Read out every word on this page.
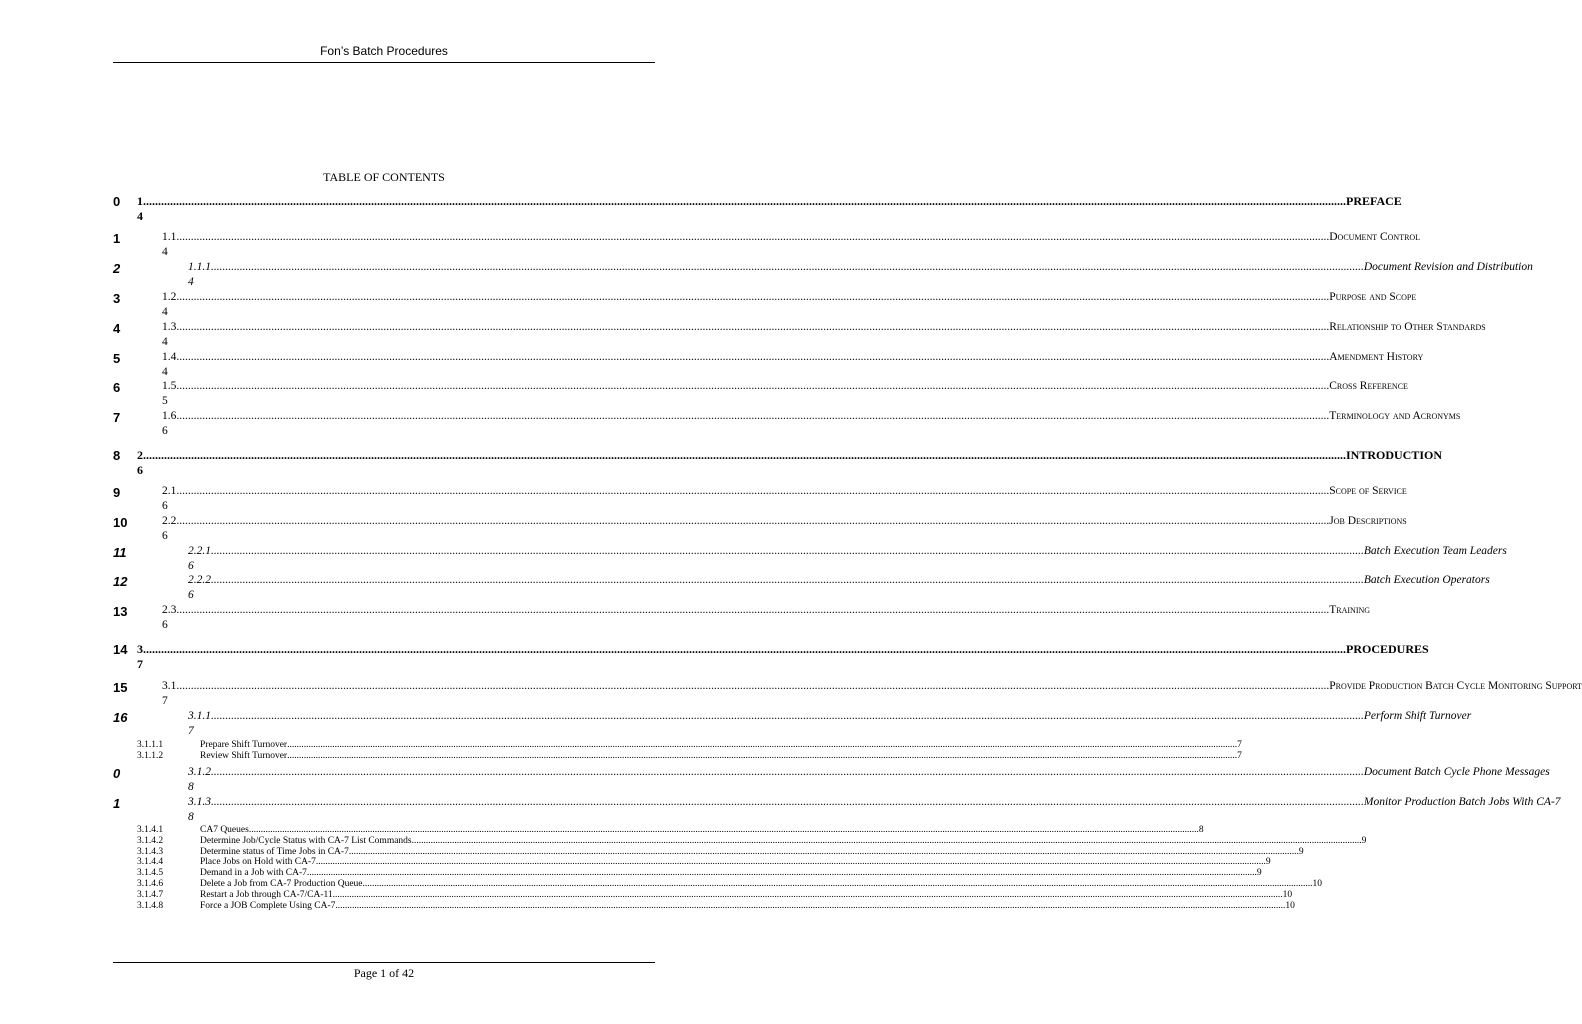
Fon’s Batch Procedures
TABLE OF CONTENTS
0	1. ................................................................................................................................................................................................................................................................................................................................................................................................................ PREFACE
4
1	1.1. ................................................................................................................................................................................................................................................................................................................................................................................................................ Document Control
4
2	1.1.1. ................................................................................................................................................................................................................................................................................................................................................................................................................ Document Revision and Distribution
4
3	1.2. ................................................................................................................................................................................................................................................................................................................................................................................................................ Purpose and Scope
4
4	1.3. ................................................................................................................................................................................................................................................................................................................................................................................................................ Relationship to Other Standards
4
5	1.4. ................................................................................................................................................................................................................................................................................................................................................................................................................ Amendment History
4
6	1.5. ................................................................................................................................................................................................................................................................................................................................................................................................................ Cross Reference
5
7	1.6. ................................................................................................................................................................................................................................................................................................................................................................................................................ Terminology and Acronyms
6
8	2. ................................................................................................................................................................................................................................................................................................................................................................................................................ INTRODUCTION
6
9	2.1. ................................................................................................................................................................................................................................................................................................................................................................................................................ Scope of Service
6
10	2.2. ................................................................................................................................................................................................................................................................................................................................................................................................................ Job Descriptions
6
11	2.2.1. ................................................................................................................................................................................................................................................................................................................................................................................................................ Batch Execution Team Leaders
6
12	2.2.2. ................................................................................................................................................................................................................................................................................................................................................................................................................ Batch Execution Operators
6
13	2.3. ................................................................................................................................................................................................................................................................................................................................................................................................................ Training
6
14 3. ................................................................................................................................................................................................................................................................................................................................................................................................................ PROCEDURES
7
15	3.1. ................................................................................................................................................................................................................................................................................................................................................................................................................ Provide Production Batch Cycle Monitoring Support
7
16	3.1.1. ................................................................................................................................................................................................................................................................................................................................................................................................................ Perform Shift Turnover
7
0	3.1.2. ................................................................................................................................................................................................................................................................................................................................................................................................................ Document Batch Cycle Phone Messages
8
1	3.1.3. ................................................................................................................................................................................................................................................................................................................................................................................................................ Monitor Production Batch Jobs With CA-7
8
3.1.1.1	Prepare Shift Turnover ................................................................................................................................................................................................................................................................................................................................................................................................................ 7
3.1.1.2	Review Shift Turnover ................................................................................................................................................................................................................................................................................................................................................................................................................ 7
3.1.4.1	CA7 Queues ................................................................................................................................................................................................................................................................................................................................................................................................................ 8
3.1.4.2	Determine Job/Cycle Status with CA-7 List Commands ................................................................................................................................................................................................................................................................................................................................................................................................................ 9
3.1.4.3	Determine status of Time Jobs in CA-7 ................................................................................................................................................................................................................................................................................................................................................................................................................ 9
3.1.4.4	Place Jobs on Hold with CA-7 ................................................................................................................................................................................................................................................................................................................................................................................................................ 9
3.1.4.5	Demand in a Job with CA-7 ................................................................................................................................................................................................................................................................................................................................................................................................................ 9
3.1.4.6	Delete a Job from CA-7 Production Queue ................................................................................................................................................................................................................................................................................................................................................................................................................ 10
3.1.4.7	Restart a Job through CA-7/CA-11 ................................................................................................................................................................................................................................................................................................................................................................................................................ 10
3.1.4.8	Force a JOB Complete Using CA-7 ................................................................................................................................................................................................................................................................................................................................................................................................................ 10
Page 1 of 42
